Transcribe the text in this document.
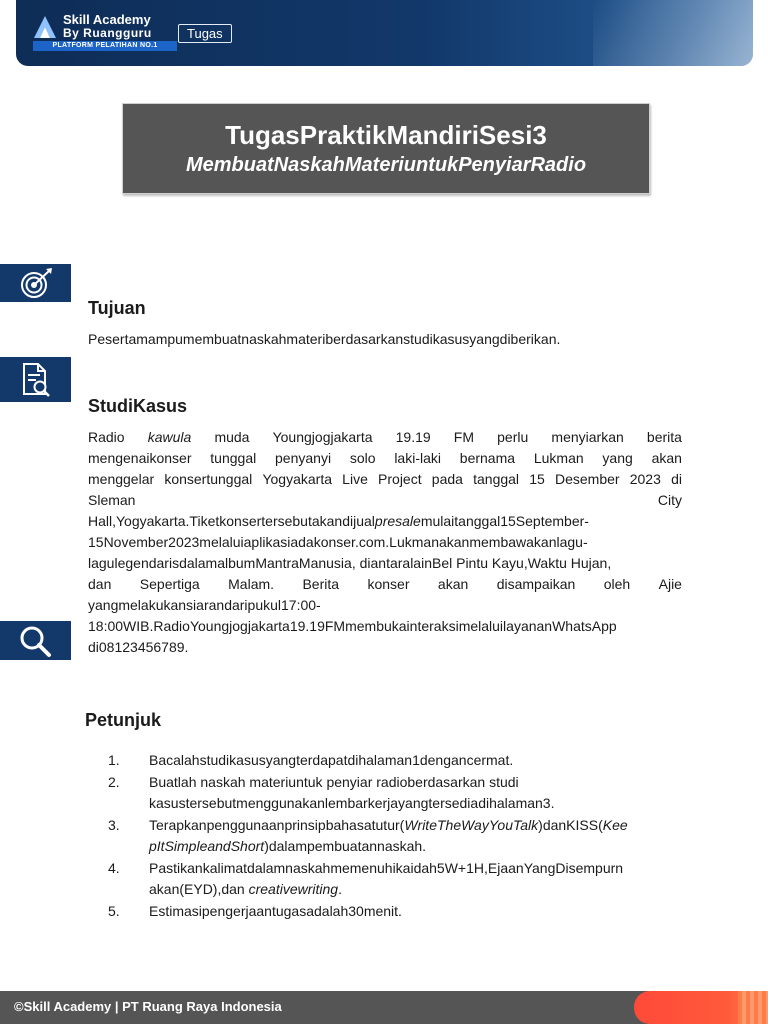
Skill Academy
By Ruangguru
PLATFORM PELATIHAN NO.1
Tugas
TugasPraktikMandiriSesi3
MembuatNaskahMateriuntukPenyiarRadio
Tujuan
Pesertamampumembuatnaskahmateriberdasarkanstudikasusyangdiberikan.
StudiKasus
Radio kawula muda Youngjogjakarta 19.19 FM perlu menyiarkan berita
mengenaikonser tunggal penyanyi solo laki-laki bernama Lukman yang akan
menggelar konsertunggal Yogyakarta Live Project pada tanggal 15 Desember 2023 di
Sleman	City
Hall,Yogyakarta.Tiketkonsertersebutakandijualpresalemulaitanggal15September-
15November2023melaluiaplikasiadakonser.com.Lukmanakanmembawakanlagu-
lagulegendarisdalamalbumMantraManusia, diantaralainBel Pintu Kayu,Waktu Hujan,
dan Sepertiga Malam. Berita konser akan disampaikan oleh Ajie
yangmelakukansiarandaripukul17:00-
18:00WIB.RadioYoungjogjakarta19.19FMmembukainteraksimelaluilayananWhatsApp
di08123456789.
Petunjuk
1. Bacalahstudikasusyangterdapatdihalaman1dengancermat.
2. Buatlah naskah materiuntuk penyiar radioberdasarkan studi
kasustersebutmenggunakanlembarkerjayangtersediadihalaman3.
3. Terapkanpenggunaanprinsipbahasatutur(WriteTheWayYouTalk)danKISS(Kee
pItSimpleandShort)dalampembuatannaskah.
4. Pastikankalimatdalamnaskahmemenuhikaidah5W+1H,EjaanYangDisempurn
akan(EYD),dan creativewriting.
5. Estimasipengerjaantugasadalah30menit.
©Skill Academy | PT Ruang Raya Indonesia
